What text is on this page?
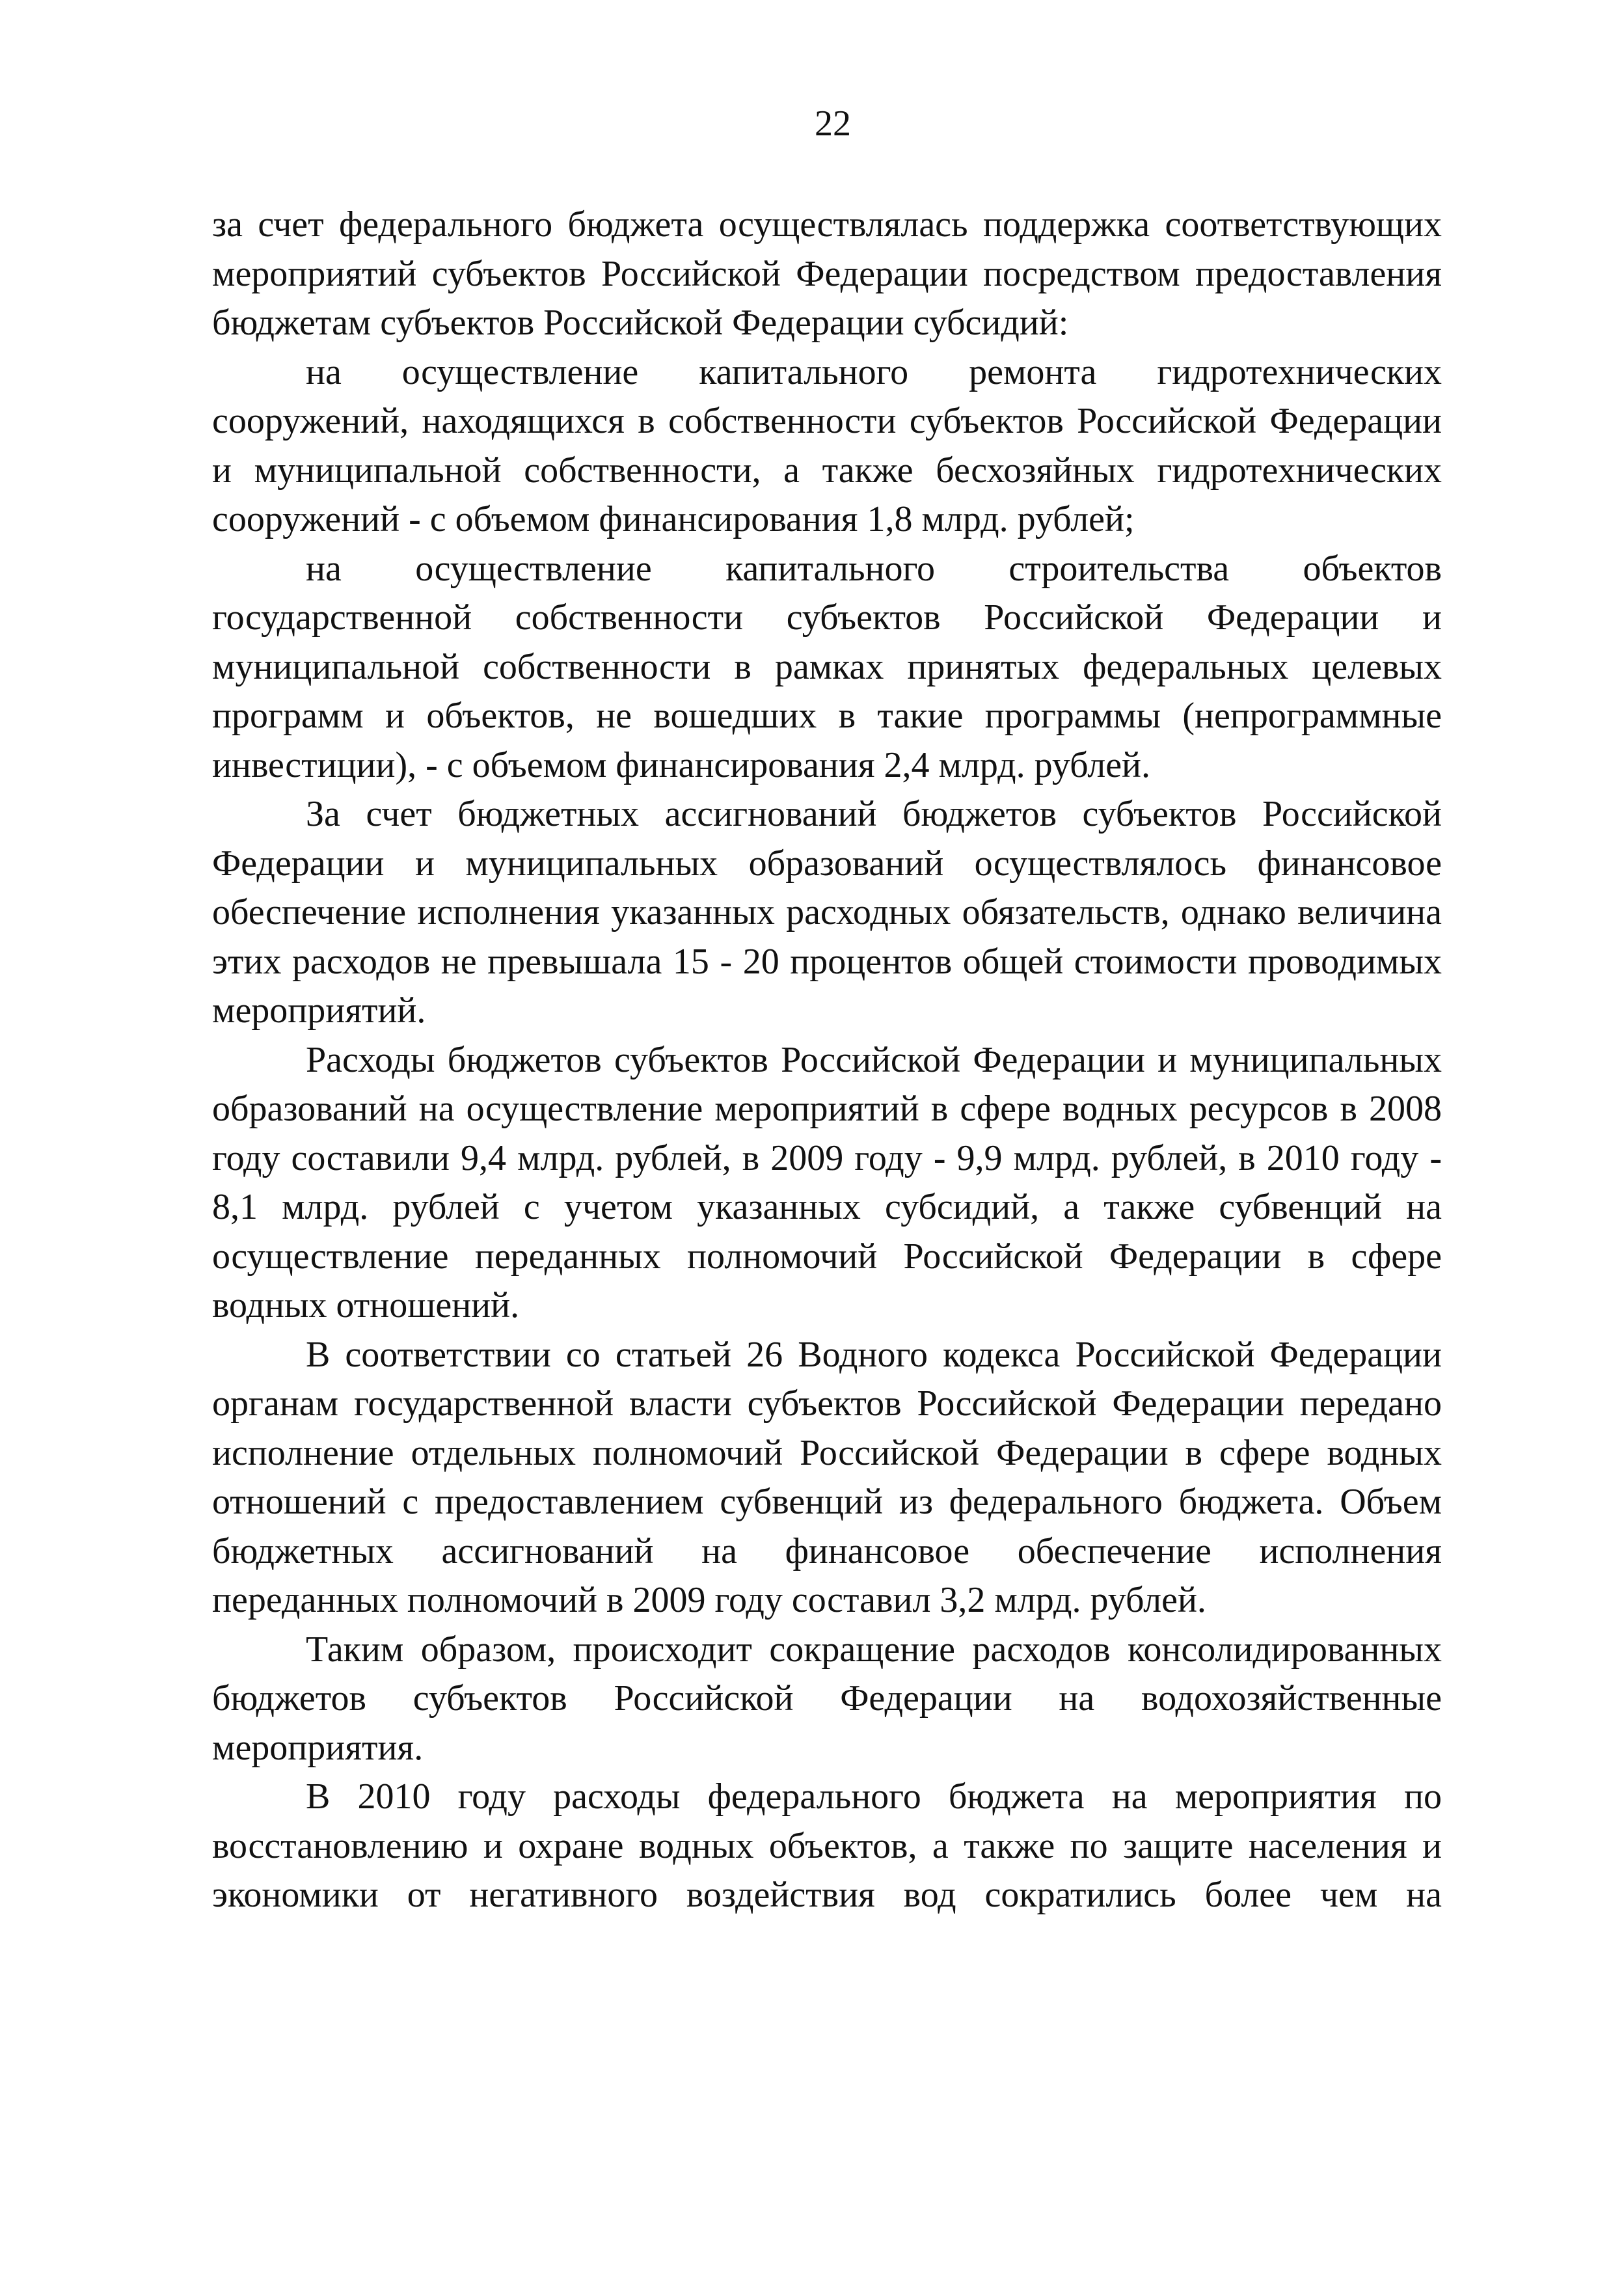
22

за счет федерального бюджета осуществлялась поддержка соответствующих мероприятий субъектов Российской Федерации посредством предоставления бюджетам субъектов Российской Федерации субсидий:

на осуществление капитального ремонта гидротехнических сооружений, находящихся в собственности субъектов Российской Федерации и муниципальной собственности, а также бесхозяйных гидротехнических сооружений - с объемом финансирования 1,8 млрд. рублей;

на осуществление капитального строительства объектов государственной собственности субъектов Российской Федерации и муниципальной собственности в рамках принятых федеральных целевых программ и объектов, не вошедших в такие программы (непрограммные инвестиции), - с объемом финансирования 2,4 млрд. рублей.

За счет бюджетных ассигнований бюджетов субъектов Российской Федерации и муниципальных образований осуществлялось финансовое обеспечение исполнения указанных расходных обязательств, однако величина этих расходов не превышала 15 - 20 процентов общей стоимости проводимых мероприятий.

Расходы бюджетов субъектов Российской Федерации и муниципальных образований на осуществление мероприятий в сфере водных ресурсов в 2008 году составили 9,4 млрд. рублей, в 2009 году - 9,9 млрд. рублей, в 2010 году - 8,1 млрд. рублей с учетом указанных субсидий, а также субвенций на осуществление переданных полномочий Российской Федерации в сфере водных отношений.

В соответствии со статьей 26 Водного кодекса Российской Федерации органам государственной власти субъектов Российской Федерации передано исполнение отдельных полномочий Российской Федерации в сфере водных отношений с предоставлением субвенций из федерального бюджета. Объем бюджетных ассигнований на финансовое обеспечение исполнения переданных полномочий в 2009 году составил 3,2 млрд. рублей.

Таким образом, происходит сокращение расходов консолидированных бюджетов субъектов Российской Федерации на водохозяйственные мероприятия.

В 2010 году расходы федерального бюджета на мероприятия по восстановлению и охране водных объектов, а также по защите населения и экономики от негативного воздействия вод сократились более чем на
